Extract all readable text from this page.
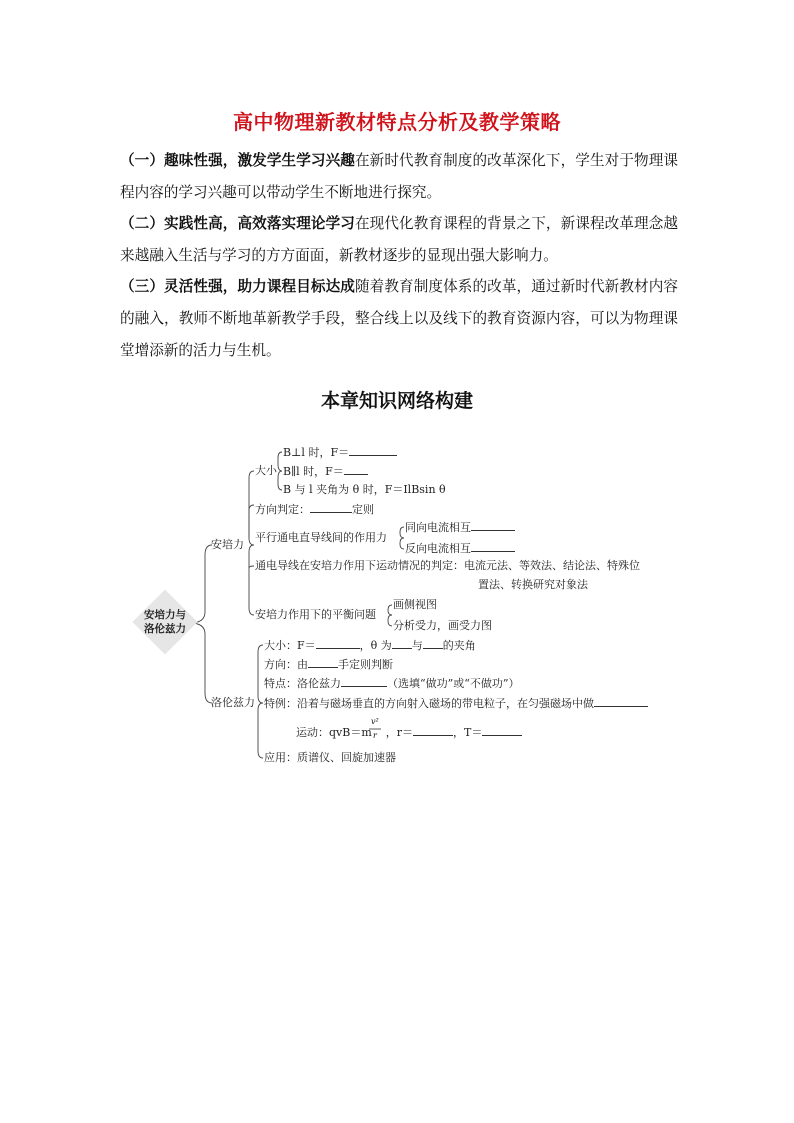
高中物理新教材特点分析及教学策略
（一）趣味性强，激发学生学习兴趣在新时代教育制度的改革深化下，学生对于物理课程内容的学习兴趣可以带动学生不断地进行探究。
（二）实践性高，高效落实理论学习在现代化教育课程的背景之下，新课程改革理念越来越融入生活与学习的方方面面，新教材逐步的显现出强大影响力。
（三）灵活性强，助力课程目标达成随着教育制度体系的改革，通过新时代新教材内容的融入，教师不断地革新教学手段，整合线上以及线下的教育资源内容，可以为物理课堂增添新的活力与生机。
本章知识网络构建
安培力与
洛伦兹力
安培力
大小
B⊥l 时，F＝
B∥l 时，F＝
B 与 l 夹角为 θ 时，F＝IlBsin θ
方向判定：	定则
平行通电直导线间的作用力
同向电流相互
反向电流相互
通电导线在安培力作用下运动情况的判定：电流元法、等效法、结论法、特殊位
置法、转换研究对象法
安培力作用下的平衡问题
画侧视图
分析受力，画受力图
洛伦兹力
大小：F＝	，θ 为 与 的夹角
方向：由	手定则判断
特点：洛伦兹力	（选填“做功”或“不做功”）
特例：沿着与磁场垂直的方向射入磁场的带电粒子，在匀强磁场中做
运动：qvB＝m ，r＝	，T＝
v²
r
应用：质谱仪、回旋加速器
